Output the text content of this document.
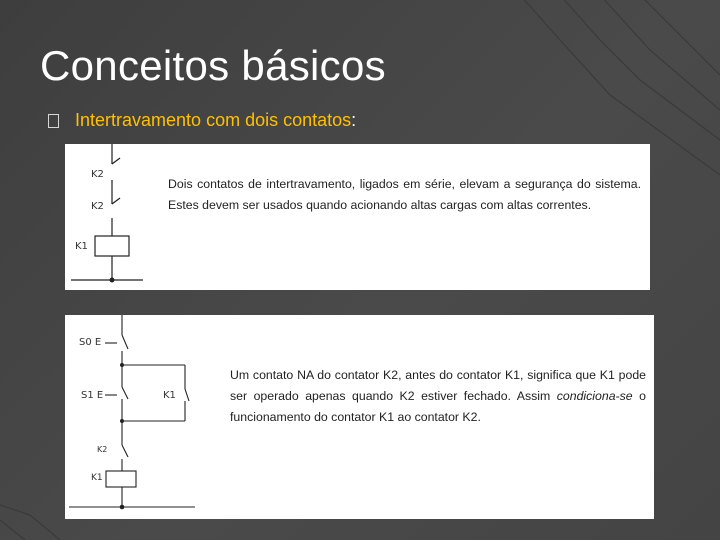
Conceitos básicos
Intertravamento com dois contatos :
K2
K2
K1
Dois contatos de intertravamento, ligados em série, elevam a segurança do sistema. Estes devem ser usados quando acionando altas cargas com altas correntes.
S0 E
S1 E	K1
K2
K1
Um contato NA do contator K2, antes do contator K1, significa que K1 pode ser operado apenas quando K2 estiver fechado. Assim condiciona-se o funcionamento do contator K1 ao contator K2.
